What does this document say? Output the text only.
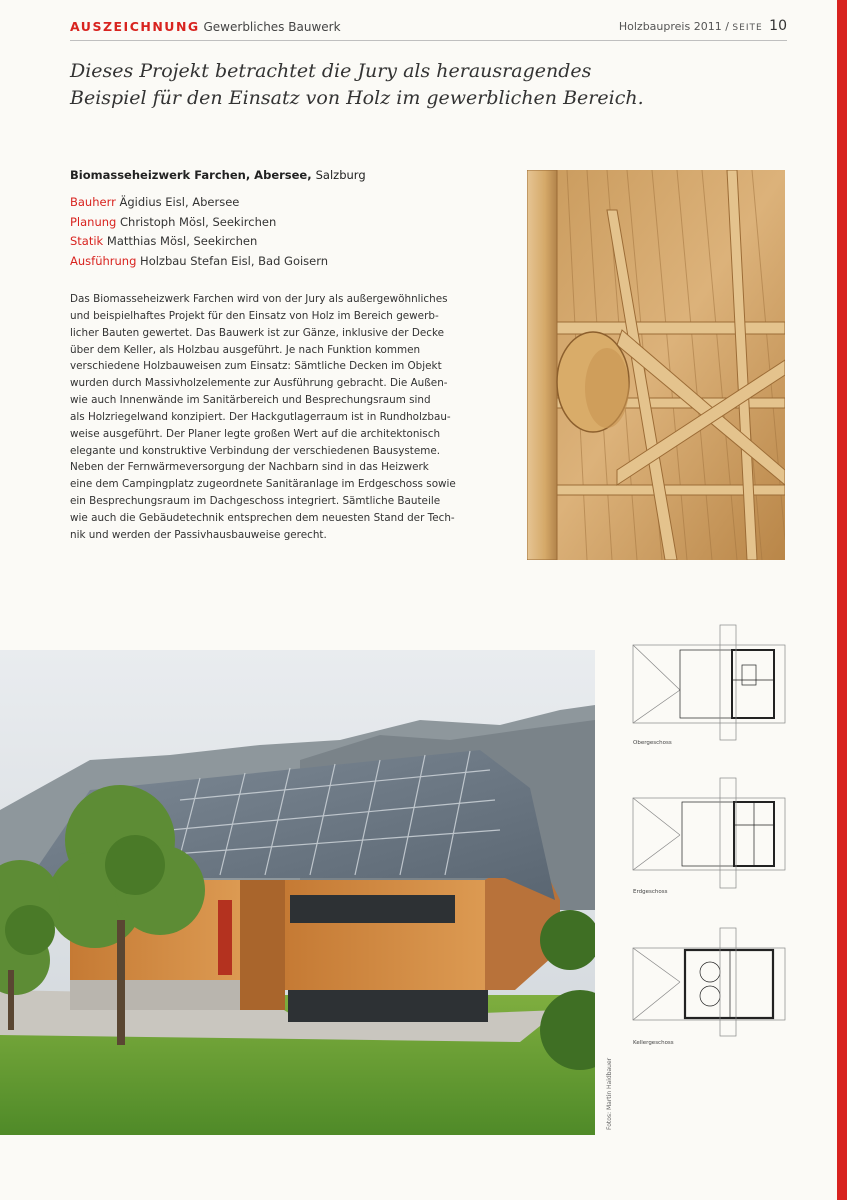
AUSZEICHNUNG Gewerbliches Bauwerk	Holzbaupreis 2011 / SEITE 10
Dieses Projekt betrachtet die Jury als herausragendes Beispiel für den Einsatz von Holz im gewerblichen Bereich.
Biomasseheizwerk Farchen, Abersee, Salzburg
Bauherr Ägidius Eisl, Abersee
Planung Christoph Mösl, Seekirchen
Statik Matthias Mösl, Seekirchen
Ausführung Holzbau Stefan Eisl, Bad Goisern
Das Biomasseheizwerk Farchen wird von der Jury als außergewöhnliches
und beispielhaftes Projekt für den Einsatz von Holz im Bereich gewerb-
licher Bauten gewertet. Das Bauwerk ist zur Gänze, inklusive der Decke
über dem Keller, als Holzbau ausgeführt. Je nach Funktion kommen
verschiedene Holzbauweisen zum Einsatz: Sämtliche Decken im Objekt
wurden durch Massivholzelemente zur Ausführung gebracht. Die Außen-
wie auch Innenwände im Sanitärbereich und Besprechungsraum sind
als Holzriegelwand konzipiert. Der Hackgutlagerraum ist in Rundholzbau-
weise ausgeführt. Der Planer legte großen Wert auf die architektonisch
elegante und konstruktive Verbindung der verschiedenen Bausysteme.
Neben der Fernwärmeversorgung der Nachbarn sind in das Heizwerk
eine dem Campingplatz zugeordnete Sanitäranlage im Erdgeschoss sowie
ein Besprechungsraum im Dachgeschoss integriert. Sämtliche Bauteile
wie auch die Gebäudetechnik entsprechen dem neuesten Stand der Tech-
nik und werden der Passivhausbauweise gerecht.
Obergeschoss
Erdgeschoss
Kellergeschoss
Fotos: Martin Haidbauer
